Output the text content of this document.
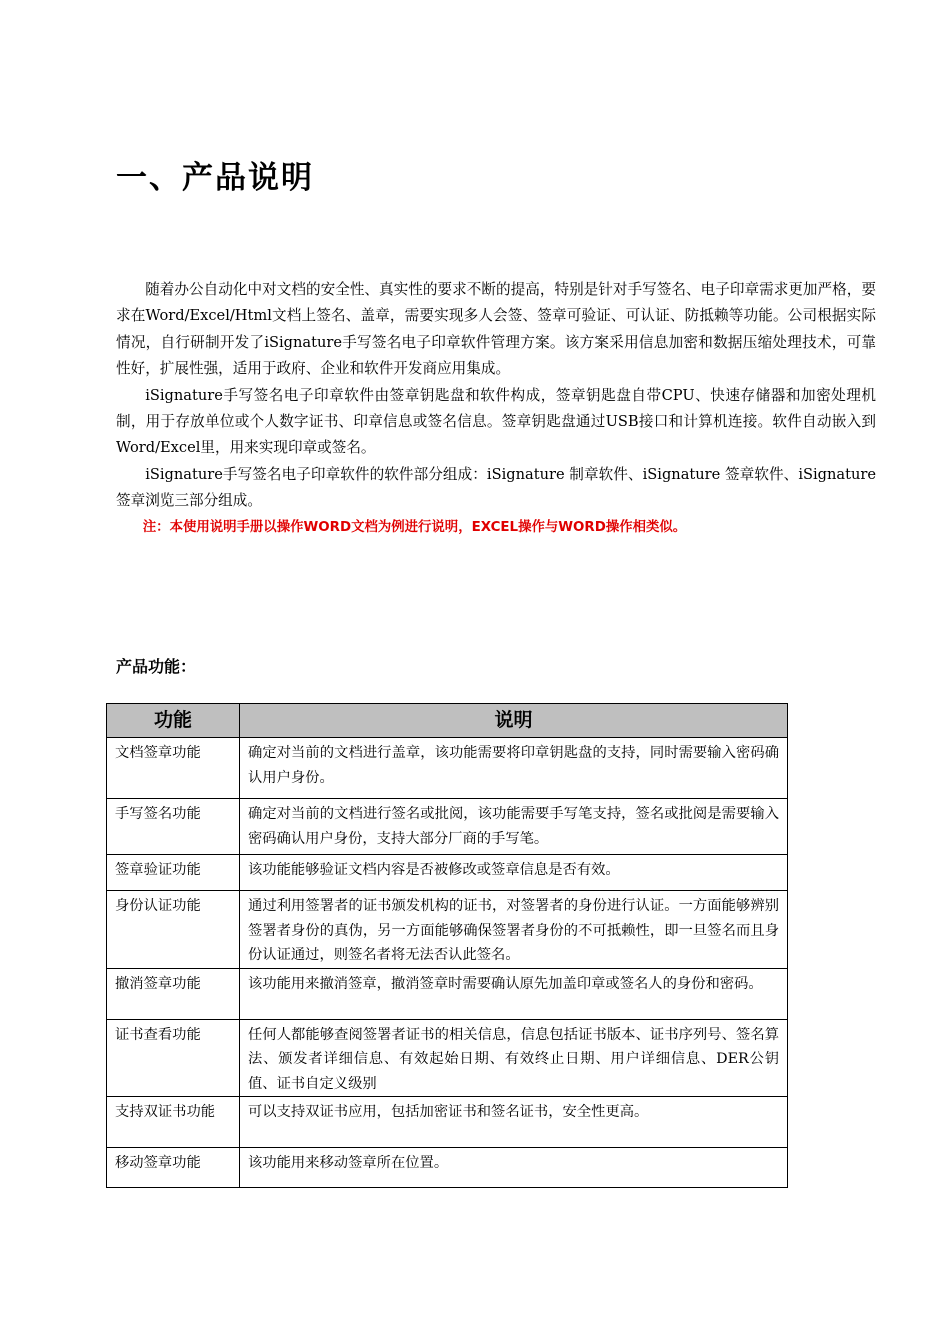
一、产品说明

随着办公自动化中对文档的安全性、真实性的要求不断的提高，特别是针对手写签名、电子印章需求更加严格，要求在Word/Excel/Html文档上签名、盖章，需要实现多人会签、签章可验证、可认证、防抵赖等功能。公司根据实际情况，自行研制开发了iSignature手写签名电子印章软件管理方案。该方案采用信息加密和数据压缩处理技术，可靠性好，扩展性强，适用于政府、企业和软件开发商应用集成。

iSignature手写签名电子印章软件由签章钥匙盘和软件构成，签章钥匙盘自带CPU、快速存储器和加密处理机制，用于存放单位或个人数字证书、印章信息或签名信息。签章钥匙盘通过USB接口和计算机连接。软件自动嵌入到Word/Excel里，用来实现印章或签名。

iSignature手写签名电子印章软件的软件部分组成：iSignature 制章软件、iSignature 签章软件、iSignature签章浏览三部分组成。

注：本使用说明手册以操作WORD文档为例进行说明，EXCEL操作与WORD操作相类似。

产品功能：
功能	说明
文档签章功能	确定对当前的文档进行盖章，该功能需要将印章钥匙盘的支持，同时需要输入密码确认用户身份。
手写签名功能	确定对当前的文档进行签名或批阅，该功能需要手写笔支持，签名或批阅是需要输入密码确认用户身份，支持大部分厂商的手写笔。
签章验证功能	该功能能够验证文档内容是否被修改或签章信息是否有效。
身份认证功能	通过利用签署者的证书颁发机构的证书，对签署者的身份进行认证。一方面能够辨别签署者身份的真伪，另一方面能够确保签署者身份的不可抵赖性，即一旦签名而且身份认证通过，则签名者将无法否认此签名。
撤消签章功能	该功能用来撤消签章，撤消签章时需要确认原先加盖印章或签名人的身份和密码。
证书查看功能	任何人都能够查阅签署者证书的相关信息，信息包括证书版本、证书序列号、签名算法、颁发者详细信息、有效起始日期、有效终止日期、用户详细信息、DER公钥值、证书自定义级别
支持双证书功能	可以支持双证书应用，包括加密证书和签名证书，安全性更高。
移动签章功能	该功能用来移动签章所在位置。
